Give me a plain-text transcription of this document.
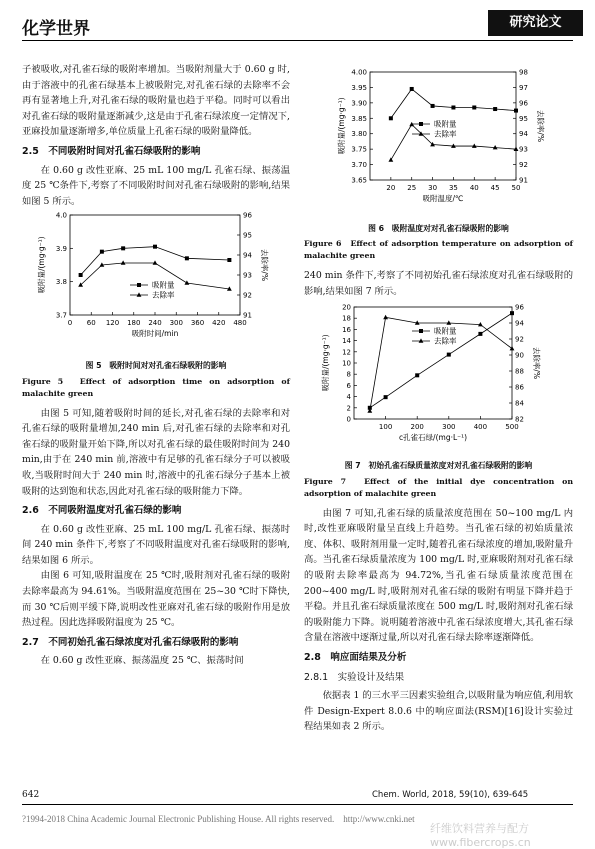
化学世界	研究论文

子被吸收,对孔雀石绿的吸附率增加。当吸附剂量大于 0.60 g 时,由于溶液中的孔雀石绿基本上被吸附完,对孔雀石绿的去除率不会再有显著地上升,对孔雀石绿的吸附量也趋于平稳。同时可以看出对孔雀石绿的吸附量逐渐减少,这是由于孔雀石绿浓度一定情况下,亚麻投加量逐渐增多,单位质量上孔雀石绿的吸附量降低。

2.5　不同吸附时间对孔雀石绿吸附的影响

在 0.60 g 改性亚麻、25 mL 100 mg/L 孔雀石绿、振荡温度 25 ℃条件下,考察了不同吸附时间对孔雀石绿吸附的影响,结果如图 5 所示。

0 60 120 180 240 300 360 420 480
3.7
3.8
3.9
4.0
91
92
93
94
95
96
吸附时间/min
吸附量/(mg·g⁻¹)	去除率/%
吸附量
去除率
图 5　吸附时间对对孔雀石绿吸附的影响
Figure 5　Effect of adsorption time on adsorption of malachite green

由图 5 可知,随着吸附时间的延长,对孔雀石绿的去除率和对孔雀石绿的吸附量增加,240 min 后,对孔雀石绿的去除率和对孔雀石绿的吸附量开始下降,所以对孔雀石绿的最佳吸附时间为 240 min,由于在 240 min 前,溶液中有足够的孔雀石绿分子可以被吸收,当吸附时间大于 240 min 时,溶液中的孔雀石绿分子基本上被吸附的达到饱和状态,因此对孔雀石绿的吸附能力下降。

2.6　不同吸附温度对孔雀石绿的影响

在 0.60 g 改性亚麻、25 mL 100 mg/L 孔雀石绿、振荡时间 240 min 条件下,考察了不同吸附温度对孔雀石绿吸附的影响,结果如图 6 所示。

由图 6 可知,吸附温度在 25 ℃时,吸附剂对孔雀石绿的吸附去除率最高为 94.61%。当吸附温度范围在 25~30 ℃时下降快,而 30 ℃后则平缓下降,说明改性亚麻对孔雀石绿的吸附作用是放热过程。因此选择吸附温度为 25 ℃。

2.7　不同初始孔雀石绿浓度对孔雀石绿吸附的影响

在 0.60 g 改性亚麻、振荡温度 25 ℃、振荡时间

20 25 30 35 40 45 50
3.65
3.70
3.75
3.80
3.85
3.90
3.95
4.00
91
92
93
94
95
96
97
98
吸附温度/℃
吸附量/(mg·g⁻¹)	去除率/%
吸附量
去除率
图 6　吸附温度对对孔雀石绿吸附的影响
Figure 6　Effect of adsorption temperature on adsorption of malachite green

240 min 条件下,考察了不同初始孔雀石绿浓度对孔雀石绿吸附的影响,结果如图 7 所示。

100	200	300	400	500
0
2
4
6
8
10
12
14
16
18
20
82
84
86
88
90
92
94
96
c孔雀石绿/(mg·L⁻¹)
吸附量/(mg·g⁻¹)	去除率/%
吸附量
去除率
图 7　初始孔雀石绿质量浓度对对孔雀石绿吸附的影响
Figure 7　Effect of the initial dye concentration on adsorption of malachite green

由图 7 可知,孔雀石绿的质量浓度范围在 50~100 mg/L 内时,改性亚麻吸附量呈直线上升趋势。当孔雀石绿的初始质量浓度、体积、吸附剂用量一定时,随着孔雀石绿浓度的增加,吸附量升高。当孔雀石绿质量浓度为 100 mg/L 时,亚麻吸附剂对孔雀石绿的吸附去除率最高为 94.72%,当孔雀石绿质量浓度范围在 200~400 mg/L 时,吸附剂对孔雀石绿的吸附有明显下降并趋于平稳。并且孔雀石绿质量浓度在 500 mg/L 时,吸附剂对孔雀石绿的吸附能力下降。说明随着溶液中孔雀石绿浓度增大,其孔雀石绿含量在溶液中逐渐过量,所以对孔雀石绿去除率逐渐降低。

2.8　响应面结果及分析
2.8.1　实验设计及结果

依据表 1 的三水平三因素实验组合,以吸附量为响应值,利用软件 Design-Expert 8.0.6 中的响应面法(RSM)[16]设计实验过程结果如表 2 所示。

642	Chem. World, 2018, 59(10), 639-645
?1994-2018 China Academic Journal Electronic Publishing House. All rights reserved.　http://www.cnki.net
纤维饮料营养与配方 www.fibercrops.cn
